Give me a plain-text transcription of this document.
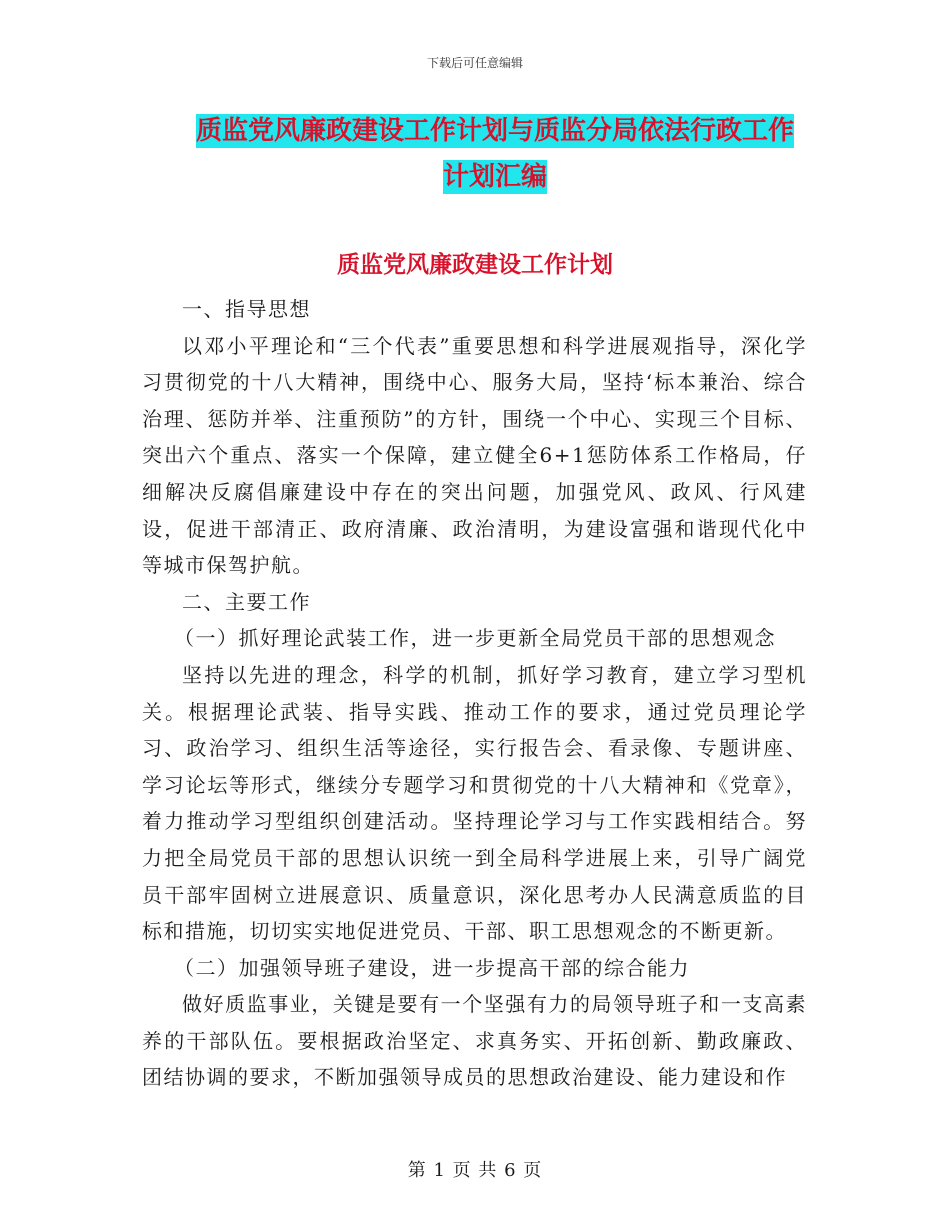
下载后可任意编辑
质监党风廉政建设工作计划与质监分局依法行政工作
计划汇编
质监党风廉政建设工作计划

一、指导思想

以邓小平理论和“三个代表”重要思想和科学进展观指导，深化学习贯彻党的十八大精神，围绕中心、服务大局，坚持‘标本兼治、综合治理、惩防并举、注重预防”的方针，围绕一个中心、实现三个目标、突出六个重点、落实一个保障，建立健全6+1惩防体系工作格局，仔细解决反腐倡廉建设中存在的突出问题，加强党风、政风、行风建设，促进干部清正、政府清廉、政治清明，为建设富强和谐现代化中等城市保驾护航。

二、主要工作

（一）抓好理论武装工作，进一步更新全局党员干部的思想观念

坚持以先进的理念，科学的机制，抓好学习教育，建立学习型机关。根据理论武装、指导实践、推动工作的要求，通过党员理论学习、政治学习、组织生活等途径，实行报告会、看录像、专题讲座、学习论坛等形式，继续分专题学习和贯彻党的十八大精神和《党章》，着力推动学习型组织创建活动。坚持理论学习与工作实践相结合。努力把全局党员干部的思想认识统一到全局科学进展上来，引导广阔党员干部牢固树立进展意识、质量意识，深化思考办人民满意质监的目标和措施，切切实实地促进党员、干部、职工思想观念的不断更新。

（二）加强领导班子建设，进一步提高干部的综合能力

做好质监事业，关键是要有一个坚强有力的局领导班子和一支高素养的干部队伍。要根据政治坚定、求真务实、开拓创新、勤政廉政、团结协调的要求，不断加强领导成员的思想政治建设、能力建设和作

第 1 页 共 6 页
